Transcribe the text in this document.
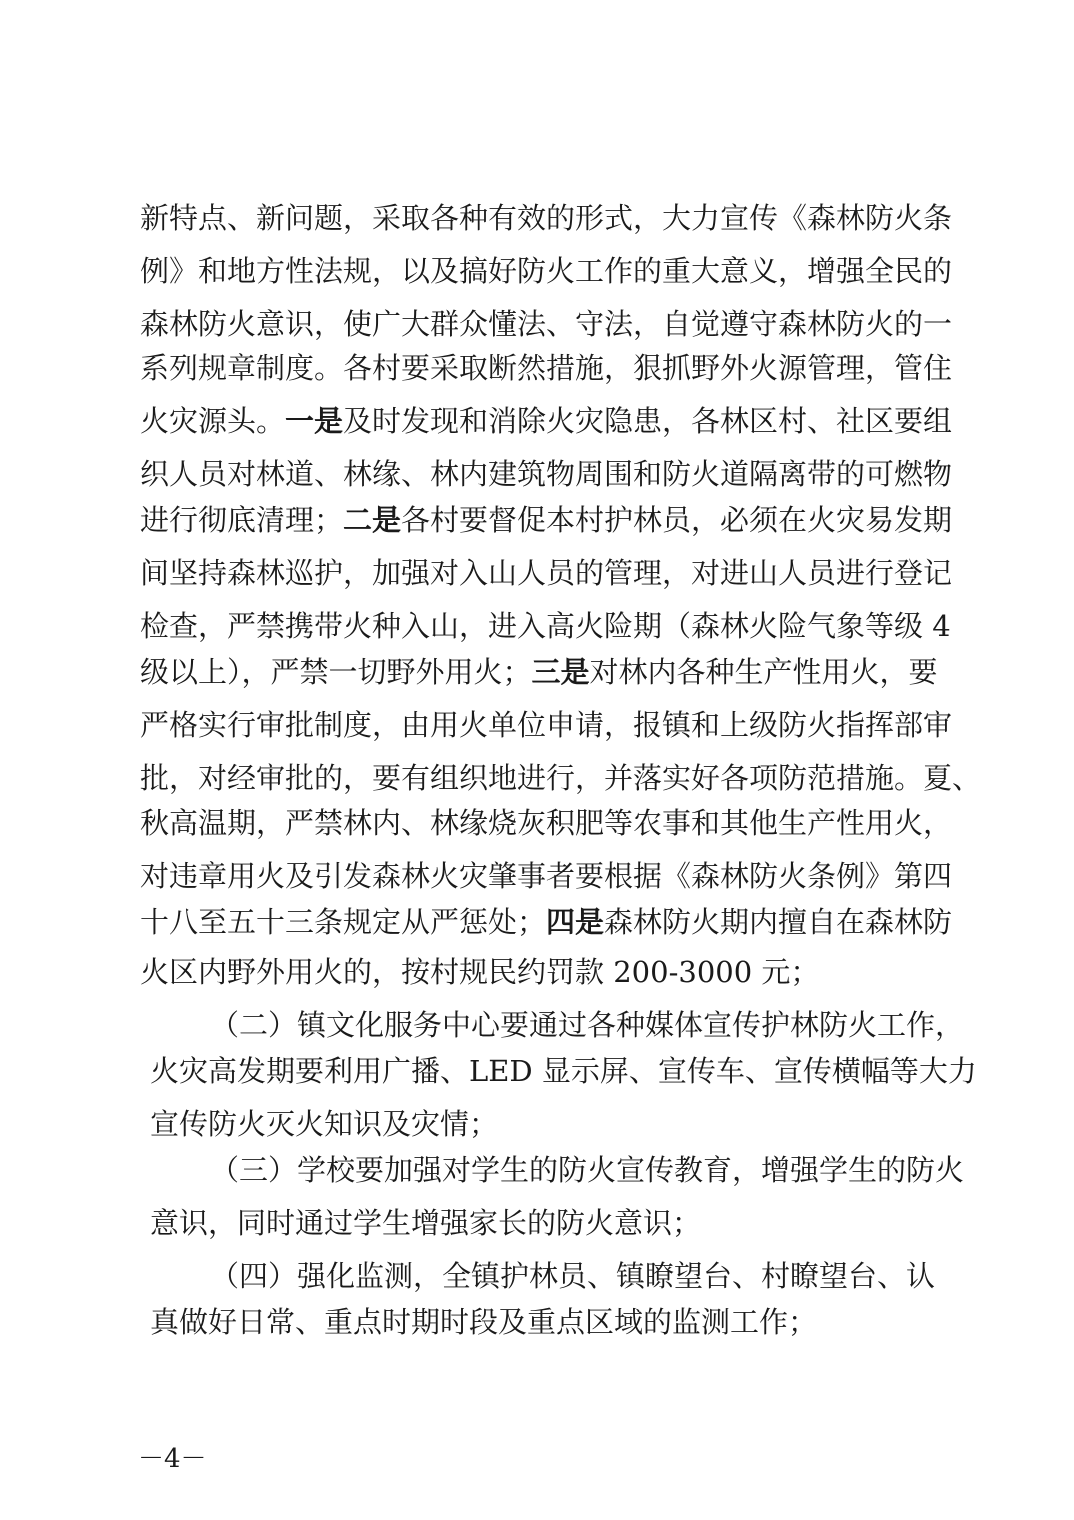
新特点、新问题，采取各种有效的形式，大力宣传《森林防火条
例》和地方性法规，以及搞好防火工作的重大意义，增强全民的
森林防火意识，使广大群众懂法、守法，自觉遵守森林防火的一
系列规章制度。各村要采取断然措施，狠抓野外火源管理，管住
火灾源头。一是及时发现和消除火灾隐患，各林区村、社区要组
织人员对林道、林缘、林内建筑物周围和防火道隔离带的可燃物
进行彻底清理；二是各村要督促本村护林员，必须在火灾易发期
间坚持森林巡护，加强对入山人员的管理，对进山人员进行登记
检查，严禁携带火种入山，进入高火险期（森林火险气象等级 4
级以上），严禁一切野外用火；三是对林内各种生产性用火，要
严格实行审批制度，由用火单位申请，报镇和上级防火指挥部审
批，对经审批的，要有组织地进行，并落实好各项防范措施。夏、
秋高温期，严禁林内、林缘烧灰积肥等农事和其他生产性用火，
对违章用火及引发森林火灾肇事者要根据《森林防火条例》第四
十八至五十三条规定从严惩处；四是森林防火期内擅自在森林防
火区内野外用火的，按村规民约罚款 200-3000 元；
（二）镇文化服务中心要通过各种媒体宣传护林防火工作，
火灾高发期要利用广播、LED 显示屏、宣传车、宣传横幅等大力
宣传防火灭火知识及灾情；
（三）学校要加强对学生的防火宣传教育，增强学生的防火
意识，同时通过学生增强家长的防火意识；
（四）强化监测，全镇护林员、镇瞭望台、村瞭望台、认
真做好日常、重点时期时段及重点区域的监测工作；
－4－
